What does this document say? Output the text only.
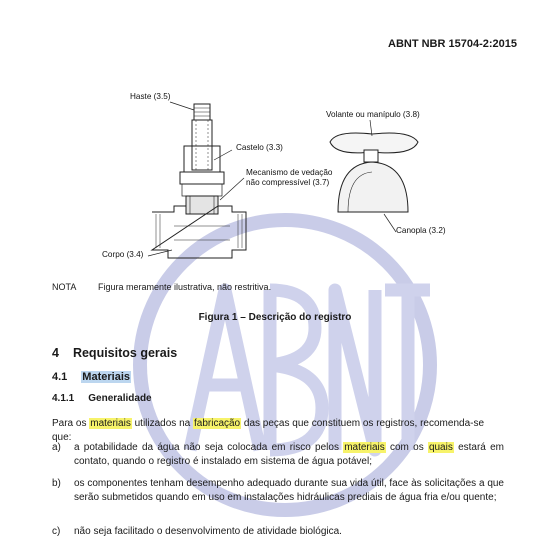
ABNT NBR 15704-2:2015
Haste (3.5)
Castelo (3.3)
Mecanismo de vedação
não compressível (3.7)
Corpo (3.4)
Volante ou manípulo (3.8)
Canopla (3.2)
NOTA Figura meramente ilustrativa, não restritiva.
Figura 1 – Descrição do registro
4 Requisitos gerais
4.1 Materiais
4.1.1 Generalidade
Para os materiais utilizados na fabricação das peças que constituem os registros, recomenda-se que:
a) a potabilidade da água não seja colocada em risco pelos materiais com os quais estará em contato, quando o registro é instalado em sistema de água potável;
b) os componentes tenham desempenho adequado durante sua vida útil, face às solicitações a que serão submetidos quando em uso em instalações hidráulicas prediais de água fria e/ou quente;
c) não seja facilitado o desenvolvimento de atividade biológica.
